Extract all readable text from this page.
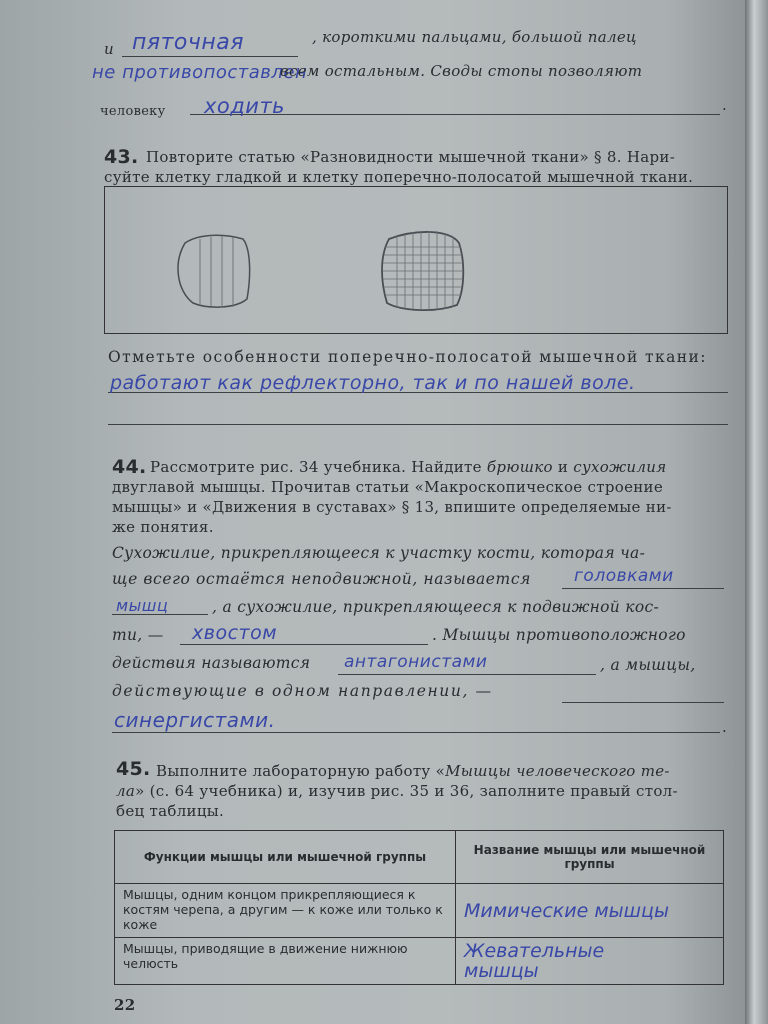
и пяточная	, короткими пальцами, большой палец
не противопоставлен
всем остальным. Своды стопы позволяют
человеку ходить	.
43. Повторите статью «Разновидности мышечной ткани» § 8. Нари-
суйте клетку гладкой и клетку поперечно-полосатой мышечной ткани.
Отметьте особенности поперечно-полосатой мышечной ткани:
работают как рефлекторно, так и по нашей воле.
44. Рассмотрите рис. 34 учебника. Найдите брюшко и сухожилия
двуглавой мышцы. Прочитав статьи «Макроскопическое строение
мышцы» и «Движения в суставах» § 13, впишите определяемые ни-
же понятия.
Сухожилие, прикрепляющееся к участку кости, которая ча-
ще всего остаётся неподвижной, называется	головками
мышц	, а сухожилие, прикрепляющееся к подвижной кос-
ти, — хвостом	. Мышцы противоположного
действия называются антагонистами	, а мышцы,
действующие в одном направлении, —
синергистами.	.
45. Выполните лабораторную работу «Мышцы человеческого те-
ла» (с. 64 учебника) и, изучив рис. 35 и 36, заполните правый стол-
бец таблицы.
Функции мышцы или мышечной группы	Название мышцы или мышечной группы
Мышцы, одним концом прикрепляющиеся к костям черепа, а другим — к коже или только к коже	Мимические мышцы
Мышцы, приводящие в движение нижнюю челюсть	Жевательные мышцы
22
